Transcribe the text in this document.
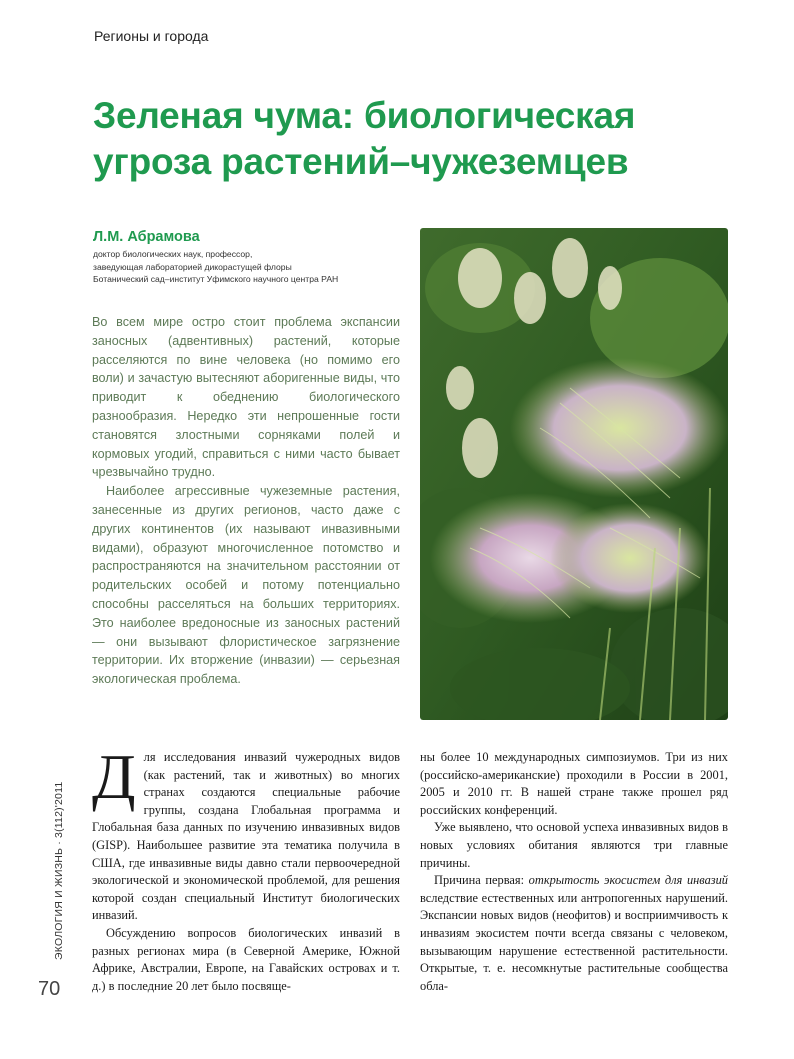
Регионы и города
Зеленая чума: биологическая
угроза растений–чужеземцев
Л.М. Абрамова
доктор биологических наук, профессор,
заведующая лабораторией дикорастущей флоры
Ботанический сад–институт Уфимского научного центра РАН

Во всем мире остро стоит проблема экспансии заносных (адвентивных) растений, которые расселяются по вине человека (но помимо его воли) и зачастую вытесняют аборигенные виды, что приводит к обеднению биологического разнообразия. Нередко эти непрошенные гости становятся злостными сорняками полей и кормовых угодий, справиться с ними часто бывает чрезвычайно трудно.

Наиболее агрессивные чужеземные растения, занесенные из других регионов, часто даже с других континентов (их называют инвазивными видами), образуют многочисленное потомство и распространяются на значительном расстоянии от родительских особей и потому потенциально способны расселяться на больших территориях. Это наиболее вредоносные из заносных растений — они вызывают флористическое загрязнение территории. Их вторжение (инвазии) — серьезная экологическая проблема.

Д ля исследования инвазий чужеродных видов (как растений, так и животных) во многих странах создаются специальные рабочие группы, создана Глобальная программа и Глобальная база данных по изучению инвазивных видов (GISP). Наибольшее развитие эта тематика получила в США, где инвазивные виды давно стали первоочередной экологической и экономической проблемой, для решения которой создан специальный Институт биологических инвазий.

Обсуждению вопросов биологических инвазий в разных регионах мира (в Северной Америке, Южной Африке, Австралии, Европе, на Гавайских островах и т. д.) в последние 20 лет было посвяще-

ны более 10 международных симпозиумов. Три из них (российско-американские) проходили в России в 2001, 2005 и 2010 гг. В нашей стране также прошел ряд российских конференций.

Уже выявлено, что основой успеха инвазивных видов в новых условиях обитания являются три главные причины.

Причина первая: открытость экосистем для инвазий вследствие естественных или антропогенных нарушений. Экспансии новых видов (неофитов) и восприимчивость к инвазиям экосистем почти всегда связаны с человеком, вызывающим нарушение естественной растительности. Открытые, т. е. несомкнутые растительные сообщества обла-

ЭКОЛОГИЯ И ЖИЗНЬ · 3(112)'2011
70
